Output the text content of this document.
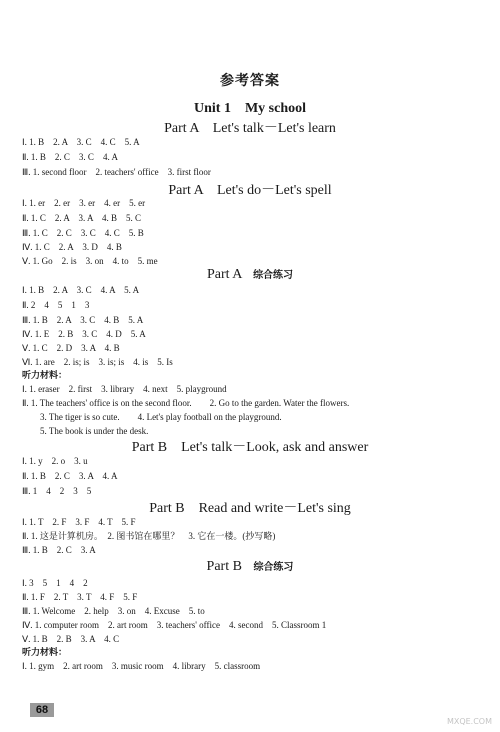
参考答案
Unit 1　My school
Part A　Let's talk－Let's learn
Ⅰ. 1. B　2. A　3. C　4. C　5. A
Ⅱ. 1. B　2. C　3. C　4. A
Ⅲ. 1. second floor　2. teachers' office　3. first floor
Part A　Let's do－Let's spell
Ⅰ. 1. er　2. er　3. er　4. er　5. er
Ⅱ. 1. C　2. A　3. A　4. B　5. C
Ⅲ. 1. C　2. C　3. C　4. C　5. B
Ⅳ. 1. C　2. A　3. D　4. B
Ⅴ. 1. Go　2. is　3. on　4. to　5. me
Part A 综合练习
Ⅰ. 1. B　2. A　3. C　4. A　5. A
Ⅱ. 2　4　5　1　3
Ⅲ. 1. B　2. A　3. C　4. B　5. A
Ⅳ. 1. E　2. B　3. C　4. D　5. A
Ⅴ. 1. C　2. D　3. A　4. B
Ⅵ. 1. are　2. is; is　3. is; is　4. is　5. Is
听力材料：
Ⅰ. 1. eraser　2. first　3. library　4. next　5. playground
Ⅱ. 1. The teachers' office is on the second floor.　　2. Go to the garden. Water the flowers.
3. The tiger is so cute.　　4. Let's play football on the playground.
5. The book is under the desk.
Part B　Let's talk－Look, ask and answer
Ⅰ. 1. y　2. o　3. u
Ⅱ. 1. B　2. C　3. A　4. A
Ⅲ. 1　4　2　3　5
Part B　Read and write－Let's sing
Ⅰ. 1. T　2. F　3. F　4. T　5. F
Ⅱ. 1. 这是计算机房。　2. 图书馆在哪里？　3. 它在一楼。(抄写略)
Ⅲ. 1. B　2. C　3. A
Part B 综合练习
Ⅰ. 3　5　1　4　2
Ⅱ. 1. F　2. T　3. T　4. F　5. F
Ⅲ. 1. Welcome　2. help　3. on　4. Excuse　5. to
Ⅳ. 1. computer room　2. art room　3. teachers' office　4. second　5. Classroom 1
Ⅴ. 1. B　2. B　3. A　4. C
听力材料：
Ⅰ. 1. gym　2. art room　3. music room　4. library　5. classroom
68
MXQE.COM
